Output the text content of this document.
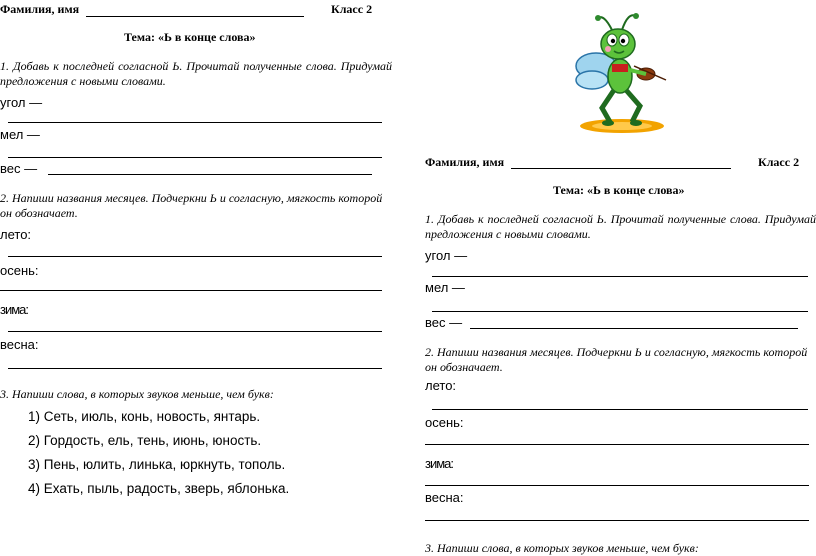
Фамилия, имя	Класс 2
Тема: «Ь в конце слова»
1. Добавь к последней согласной Ь. Прочитай полученные слова. Придумай предложения с новыми словами.
угол —
мел —
вес —
2. Напиши названия месяцев. Подчеркни Ь и согласную, мягкость которой он обозначает.
лето:
осень:
зима:
весна:
3. Напиши слова, в которых звуков меньше, чем букв:
1) Сеть, июль, конь, новость, янтарь.
2) Гордость, ель, тень, июнь, юность.
3) Пень, юлить, линька, юркнуть, тополь.
4) Ехать, пыль, радость, зверь, яблонька.
Фамилия, имя	Класс 2
Тема: «Ь в конце слова»
1. Добавь к последней согласной Ь. Прочитай полученные слова. Придумай предложения с новыми словами.
угол —
мел —
вес —
2. Напиши названия месяцев. Подчеркни Ь и согласную, мягкость которой он обозначает.
лето:
осень:
зима:
весна:
3. Напиши слова, в которых звуков меньше, чем букв:
